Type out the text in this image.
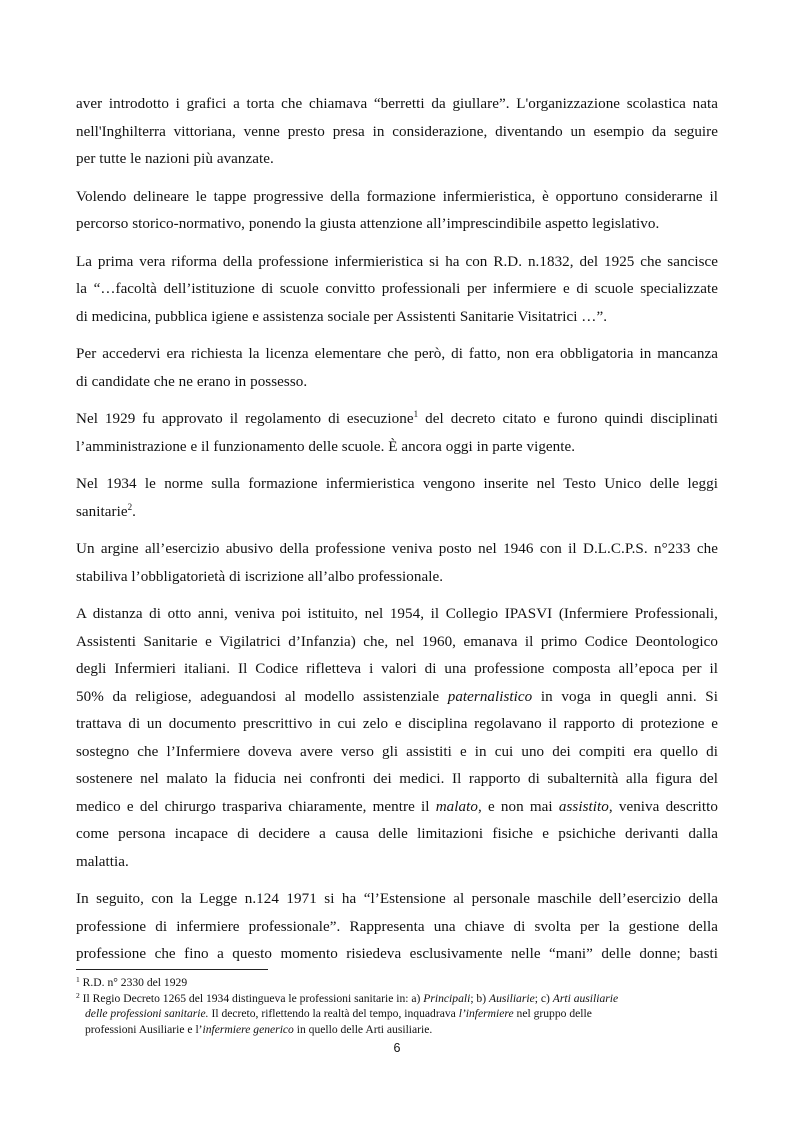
aver introdotto i grafici a torta che chiamava “berretti da giullare”. L'organizzazione scolastica nata
nell'Inghilterra vittoriana, venne presto presa in considerazione, diventando un esempio da seguire
per tutte le nazioni più avanzate.

Volendo delineare le tappe progressive della formazione infermieristica, è opportuno considerarne il
percorso storico-normativo, ponendo la giusta attenzione all’imprescindibile aspetto legislativo.

La prima vera riforma della professione infermieristica si ha con R.D. n.1832, del 1925 che sancisce
la “…facoltà dell’istituzione di scuole convitto professionali per infermiere e di scuole specializzate
di medicina, pubblica igiene e assistenza sociale per Assistenti Sanitarie Visitatrici …”.

Per accedervi era richiesta la licenza elementare che però, di fatto, non era obbligatoria in mancanza
di candidate che ne erano in possesso.

Nel 1929 fu approvato il regolamento di esecuzione$^1$ del decreto citato e furono quindi disciplinati
l’amministrazione e il funzionamento delle scuole. È ancora oggi in parte vigente.

Nel 1934 le norme sulla formazione infermieristica vengono inserite nel Testo Unico delle leggi
sanitarie$^2$.

Un argine all’esercizio abusivo della professione veniva posto nel 1946 con il D.L.C.P.S. n°233 che
stabiliva l’obbligatorietà di iscrizione all’albo professionale.

A distanza di otto anni, veniva poi istituito, nel 1954, il Collegio IPASVI (Infermiere Professionali,
Assistenti Sanitarie e Vigilatrici d’Infanzia) che, nel 1960, emanava il primo Codice Deontologico
degli Infermieri italiani. Il Codice rifletteva i valori di una professione composta all’epoca per il
50% da religiose, adeguandosi al modello assistenziale paternalistico in voga in quegli anni. Si
trattava di un documento prescrittivo in cui zelo e disciplina regolavano il rapporto di protezione e
sostegno che l’Infermiere doveva avere verso gli assistiti e in cui uno dei compiti era quello di
sostenere nel malato la fiducia nei confronti dei medici. Il rapporto di subalternità alla figura del
medico e del chirurgo traspariva chiaramente, mentre il malato, e non mai assistito, veniva descritto
come persona incapace di decidere a causa delle limitazioni fisiche e psichiche derivanti dalla
malattia.

In seguito, con la Legge n.124 1971 si ha “l’Estensione al personale maschile dell’esercizio della
professione di infermiere professionale”. Rappresenta una chiave di svolta per la gestione della
professione che fino a questo momento risiedeva esclusivamente nelle “mani” delle donne; basti

$^1$ R.D. n° 2330 del 1929

$^2$ Il Regio Decreto 1265 del 1934 distingueva le professioni sanitarie in: a) Principali; b) Ausiliarie; c) Arti ausiliarie
delle professioni sanitarie. Il decreto, riflettendo la realtà del tempo, inquadrava l’infermiere nel gruppo delle
professioni Ausiliarie e l’infermiere generico in quello delle Arti ausiliarie.

6
